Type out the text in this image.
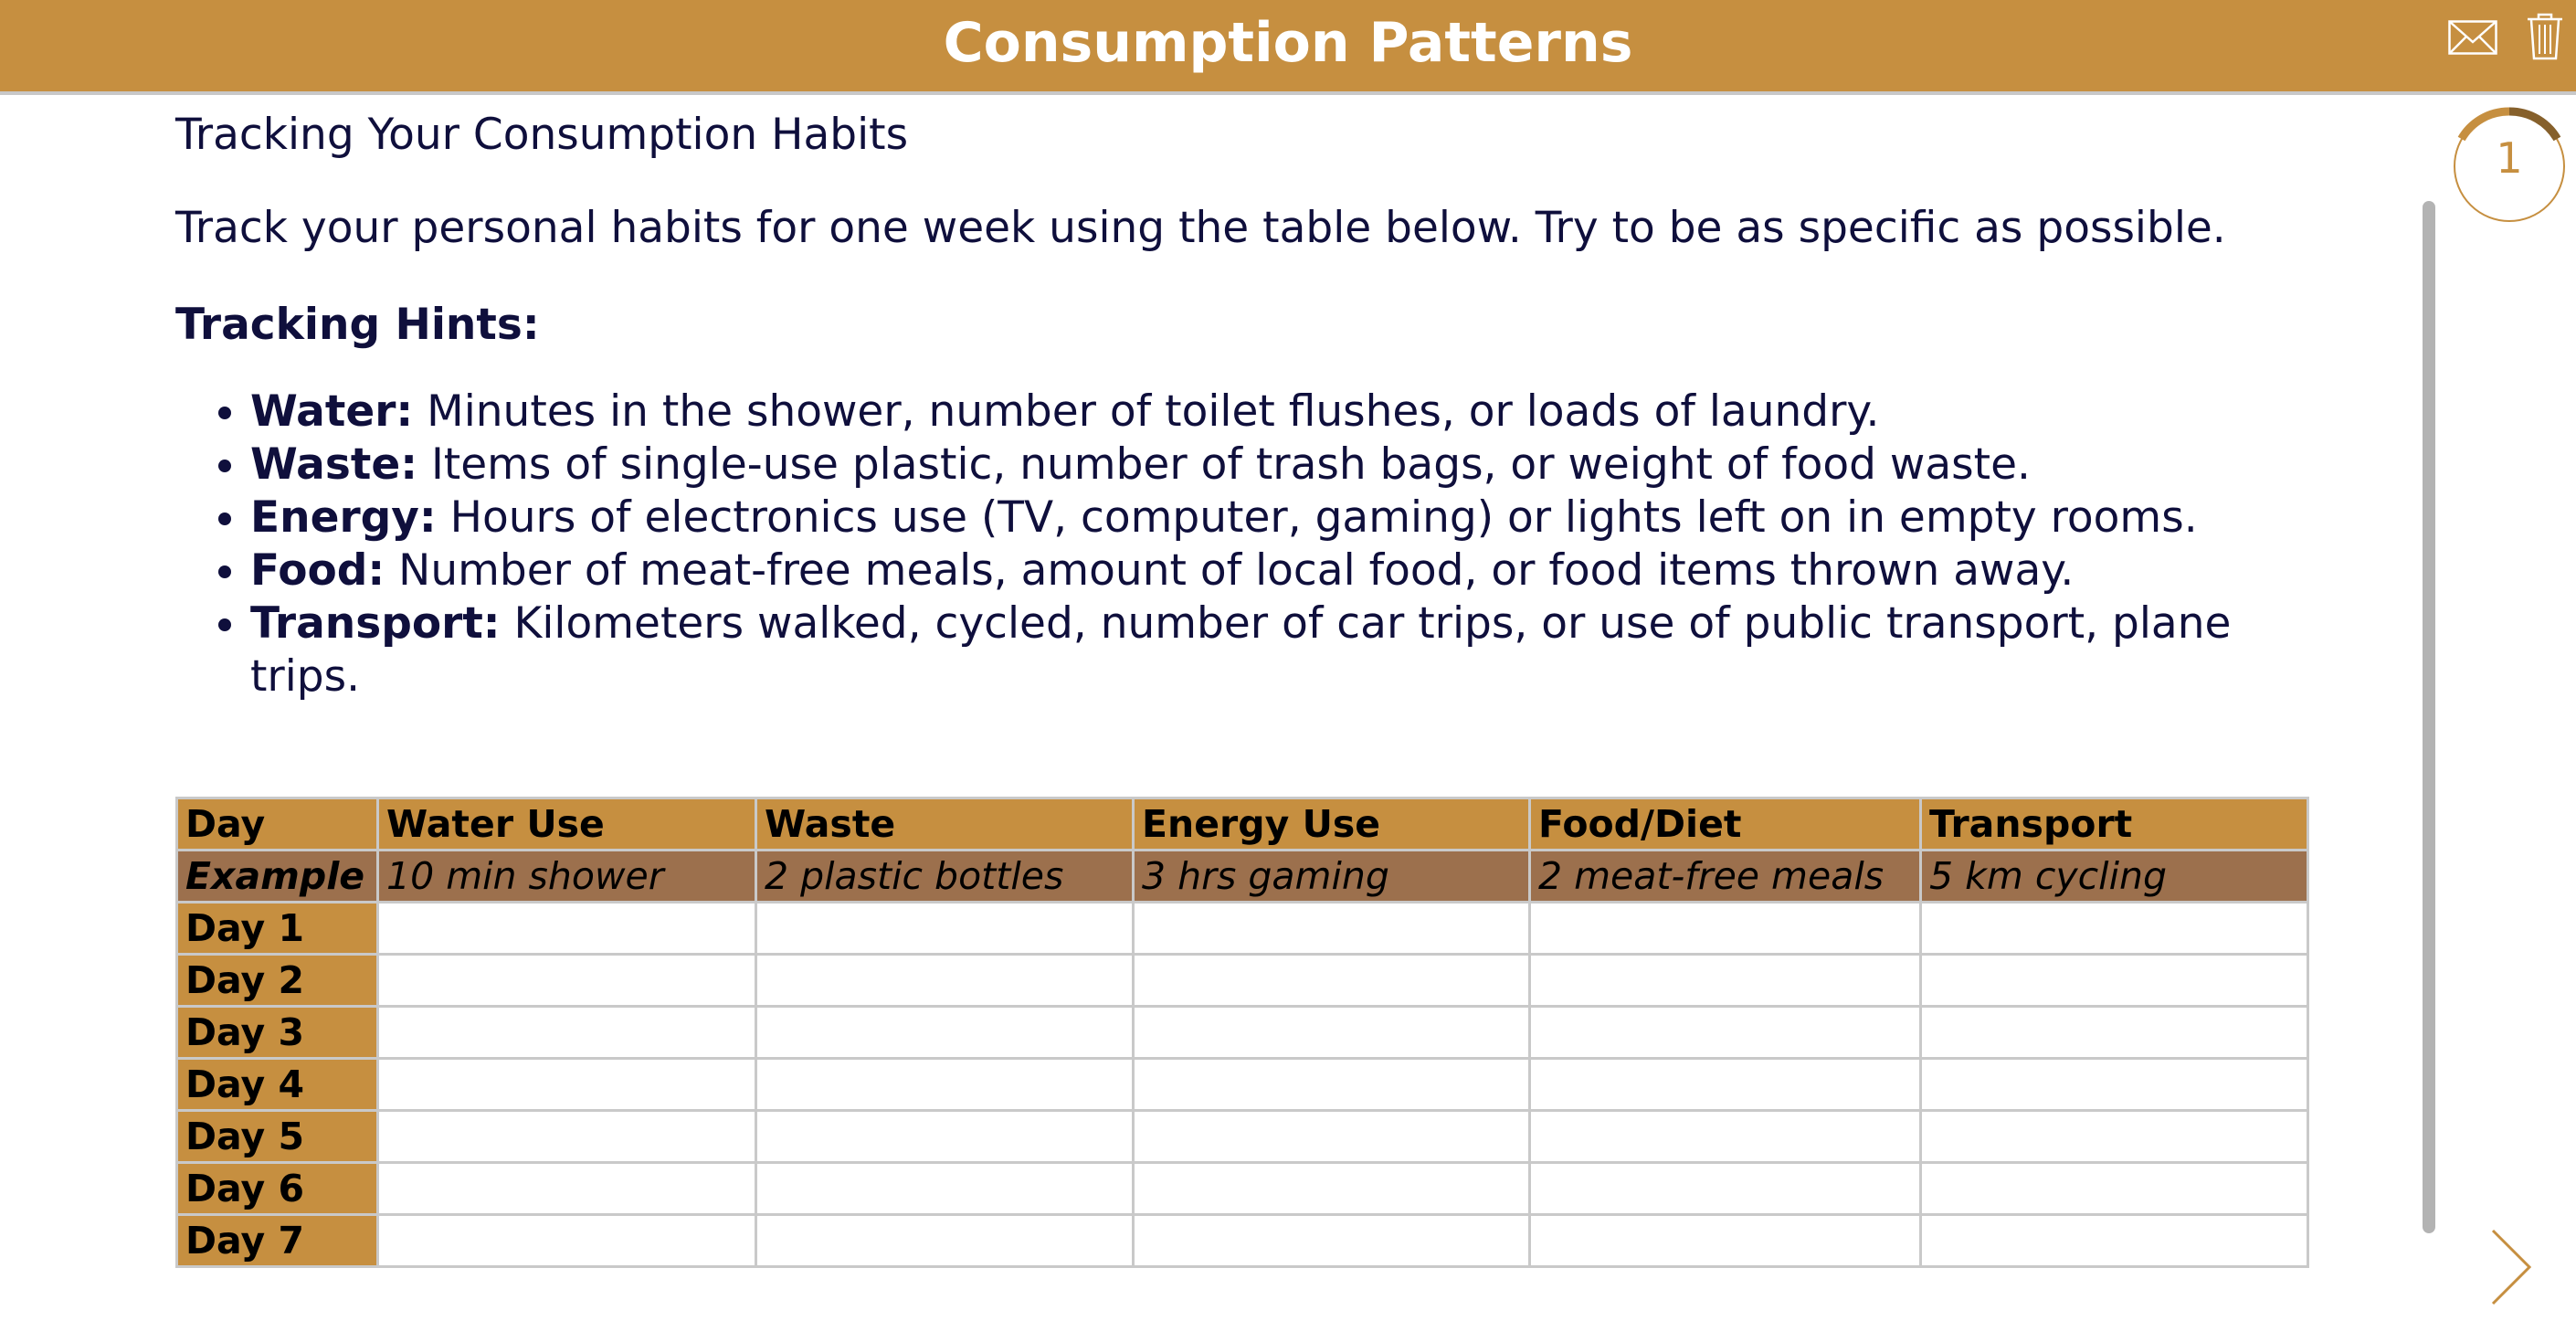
Consumption Patterns

Tracking Your Consumption Habits

Track your personal habits for one week using the table below. Try to be as specific as possible.

Tracking Hints:

• Water: Minutes in the shower, number of toilet flushes, or loads of laundry.
• Waste: Items of single-use plastic, number of trash bags, or weight of food waste.
• Energy: Hours of electronics use (TV, computer, gaming) or lights left on in empty rooms.
• Food: Number of meat-free meals, amount of local food, or food items thrown away.
• Transport: Kilometers walked, cycled, number of car trips, or use of public transport, plane trips.
Day	Water Use	Waste	Energy Use	Food/Diet	Transport
Example	10 min shower	2 plastic bottles	3 hrs gaming	2 meat-free meals	5 km cycling
Day 1					
Day 2					
Day 3					
Day 4					
Day 5					
Day 6					
Day 7					
1
